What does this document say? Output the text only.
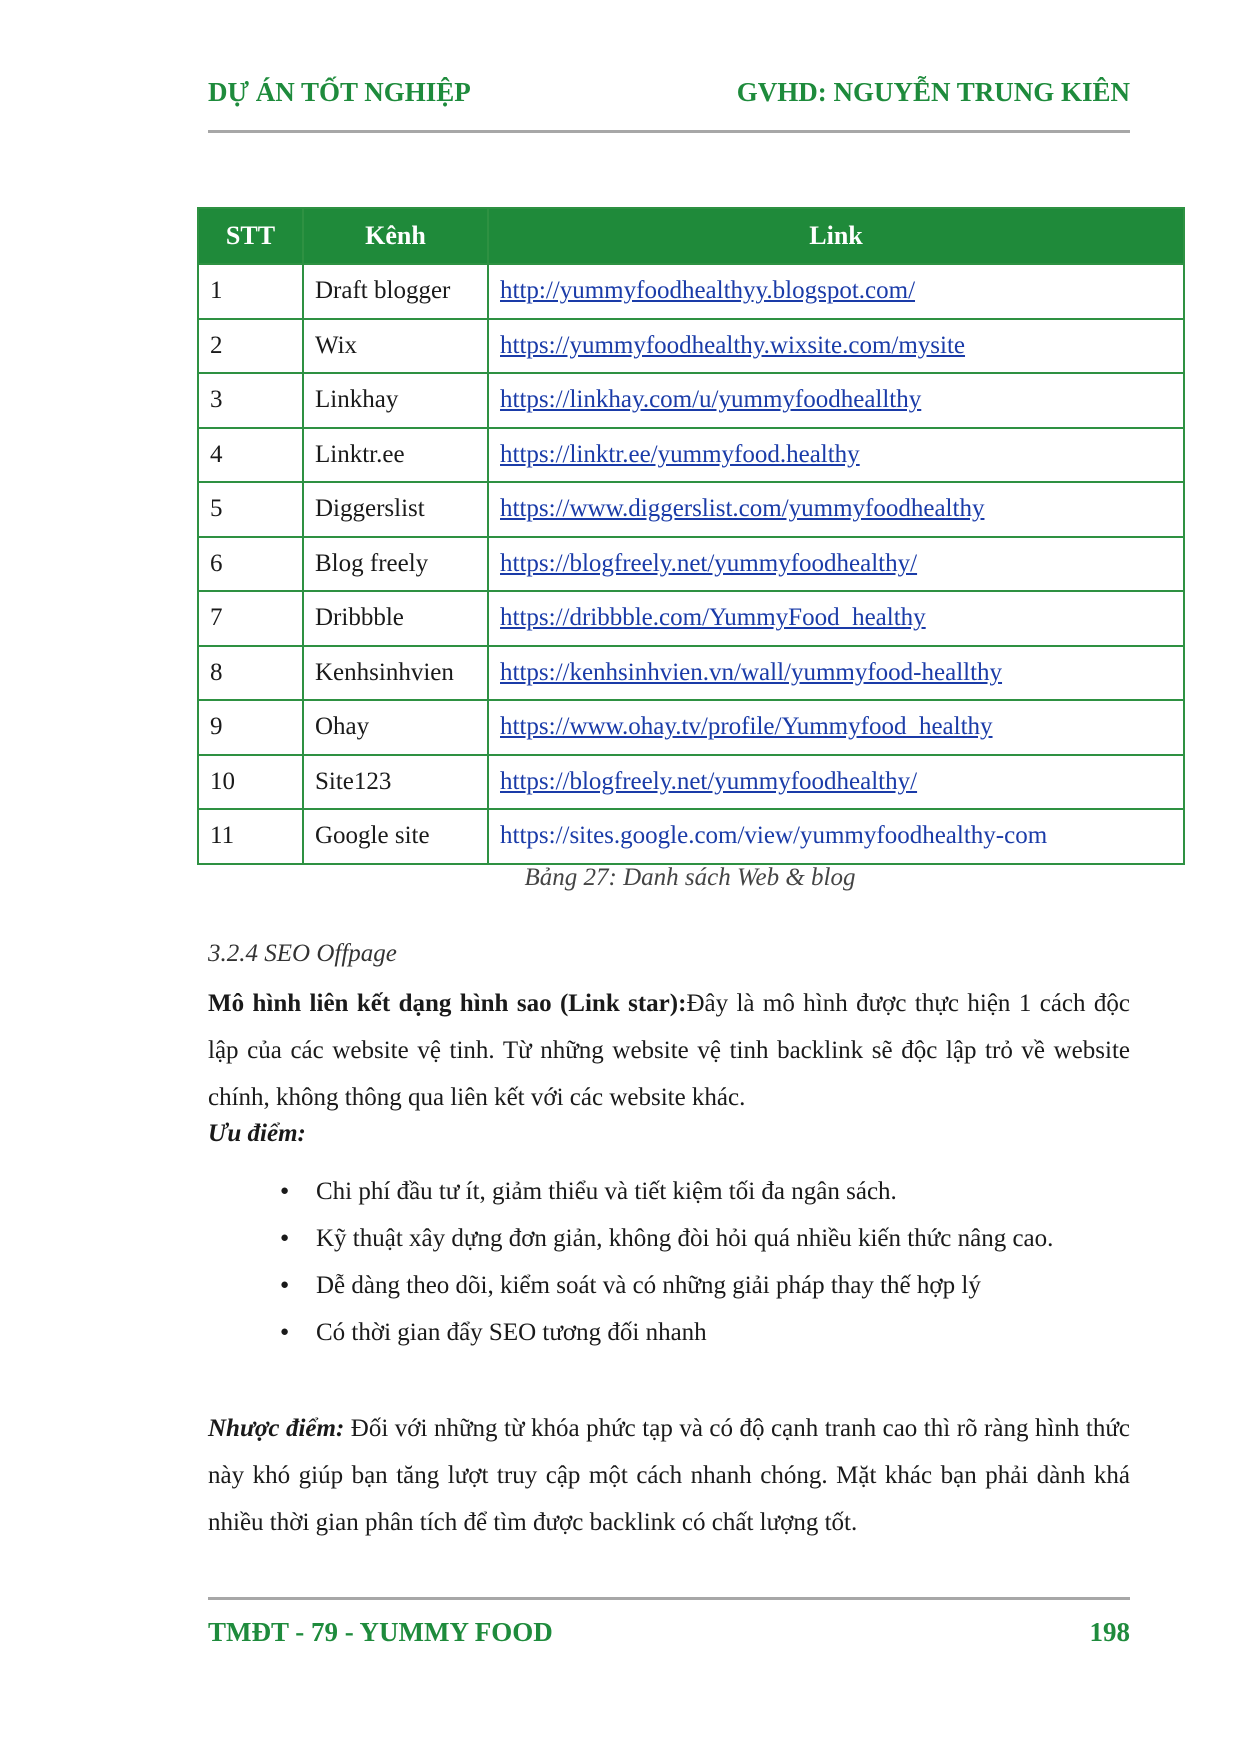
DỰ ÁN TỐT NGHIỆP	GVHD: NGUYỄN TRUNG KIÊN
STT	Kênh	Link
1	Draft blogger	http://yummyfoodhealthyy.blogspot.com/
2	Wix	https://yummyfoodhealthy.wixsite.com/mysite
3	Linkhay	https://linkhay.com/u/yummyfoodheallthy
4	Linktr.ee	https://linktr.ee/yummyfood.healthy
5	Diggerslist	https://www.diggerslist.com/yummyfoodhealthy
6	Blog freely	https://blogfreely.net/yummyfoodhealthy/
7	Dribbble	https://dribbble.com/YummyFood_healthy
8	Kenhsinhvien	https://kenhsinhvien.vn/wall/yummyfood-heallthy
9	Ohay	https://www.ohay.tv/profile/Yummyfood_healthy
10	Site123	https://blogfreely.net/yummyfoodhealthy/
11	Google site	https://sites.google.com/view/yummyfoodhealthy-com
Bảng 27: Danh sách Web & blog
3.2.4 SEO Offpage

Mô hình liên kết dạng hình sao (Link star):Đây là mô hình được thực hiện 1 cách độc lập của các website vệ tinh. Từ những website vệ tinh backlink sẽ độc lập trỏ về website chính, không thông qua liên kết với các website khác.

Ưu điểm:
● Chi phí đầu tư ít, giảm thiểu và tiết kiệm tối đa ngân sách.
● Kỹ thuật xây dựng đơn giản, không đòi hỏi quá nhiều kiến thức nâng cao.
● Dễ dàng theo dõi, kiểm soát và có những giải pháp thay thế hợp lý
● Có thời gian đẩy SEO tương đối nhanh

Nhược điểm: Đối với những từ khóa phức tạp và có độ cạnh tranh cao thì rõ ràng hình thức này khó giúp bạn tăng lượt truy cập một cách nhanh chóng. Mặt khác bạn phải dành khá nhiều thời gian phân tích để tìm được backlink có chất lượng tốt.

TMĐT - 79 - YUMMY FOOD	198
